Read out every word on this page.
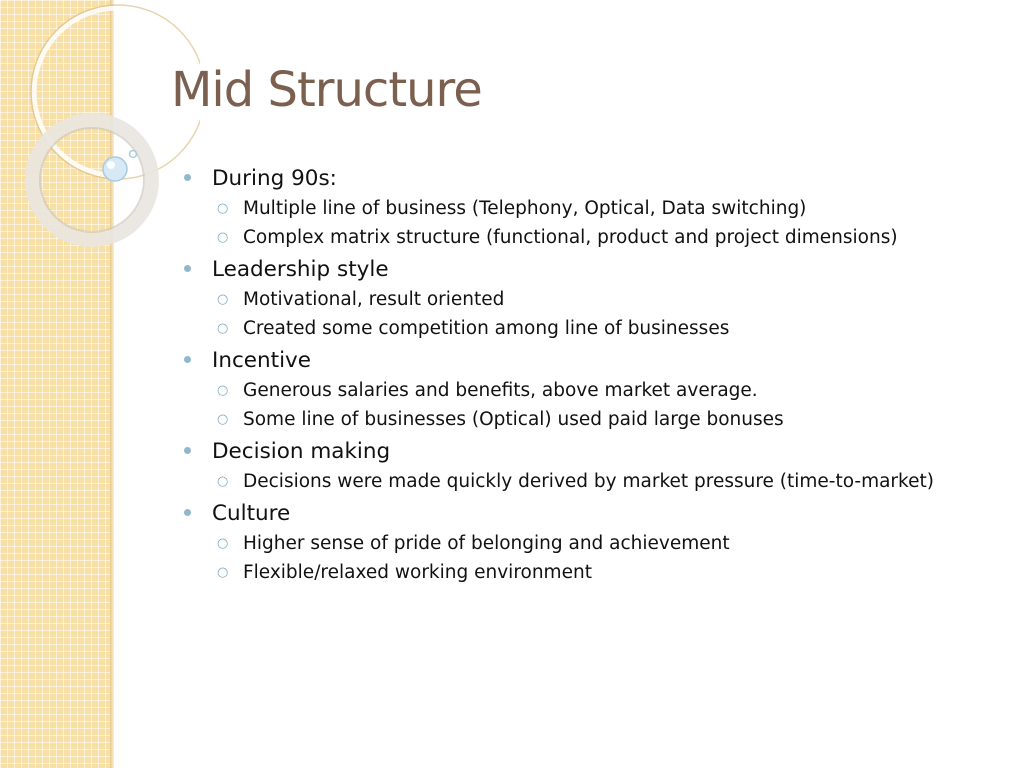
Mid Structure
During 90s:
○ Multiple line of business (Telephony, Optical, Data switching)
○ Complex matrix structure (functional, product and project dimensions)
Leadership style
○ Motivational, result oriented
○ Created some competition among line of businesses
Incentive
○ Generous salaries and benefits, above market average.
○ Some line of businesses (Optical) used paid large bonuses
Decision making
○ Decisions were made quickly derived by market pressure (time-to-market)
Culture
○ Higher sense of pride of belonging and achievement
○ Flexible/relaxed working environment
